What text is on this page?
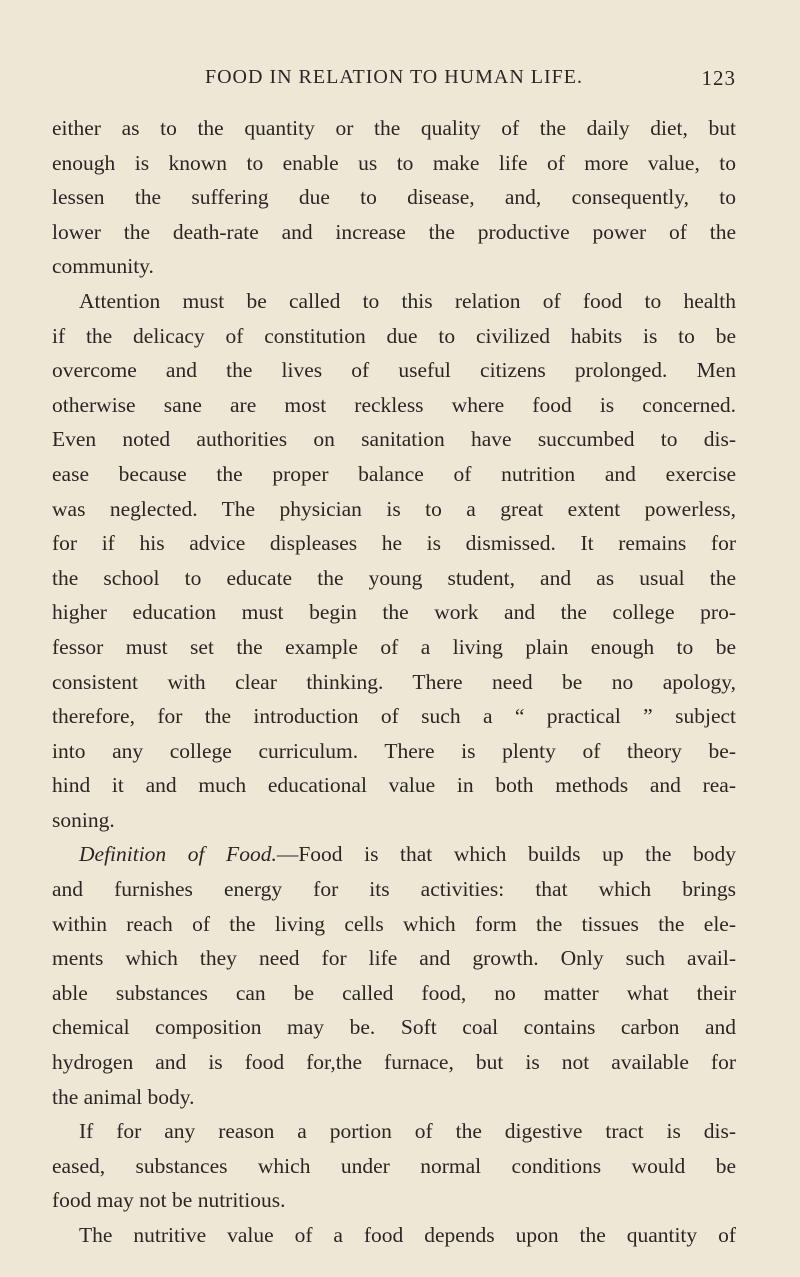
FOOD IN RELATION TO HUMAN LIFE.	123
either as to the quantity or the quality of the daily diet, but
enough is known to enable us to make life of more value, to
lessen the suffering due to disease, and, consequently, to
lower the death-rate and increase the productive power of the
community.
Attention must be called to this relation of food to health
if the delicacy of constitution due to civilized habits is to be
overcome and the lives of useful citizens prolonged. Men
otherwise sane are most reckless where food is concerned.
Even noted authorities on sanitation have succumbed to dis-
ease because the proper balance of nutrition and exercise
was neglected. The physician is to a great extent powerless,
for if his advice displeases he is dismissed. It remains for
the school to educate the young student, and as usual the
higher education must begin the work and the college pro-
fessor must set the example of a living plain enough to be
consistent with clear thinking. There need be no apology,
therefore, for the introduction of such a “ practical ” subject
into any college curriculum. There is plenty of theory be-
hind it and much educational value in both methods and rea-
soning.
Definition of Food.—Food is that which builds up the body
and furnishes energy for its activities: that which brings
within reach of the living cells which form the tissues the ele-
ments which they need for life and growth. Only such avail-
able substances can be called food, no matter what their
chemical composition may be. Soft coal contains carbon and
hydrogen and is food for,the furnace, but is not available for
the animal body.
If for any reason a portion of the digestive tract is dis-
eased, substances which under normal conditions would be
food may not be nutritious.
The nutritive value of a food depends upon the quantity of
